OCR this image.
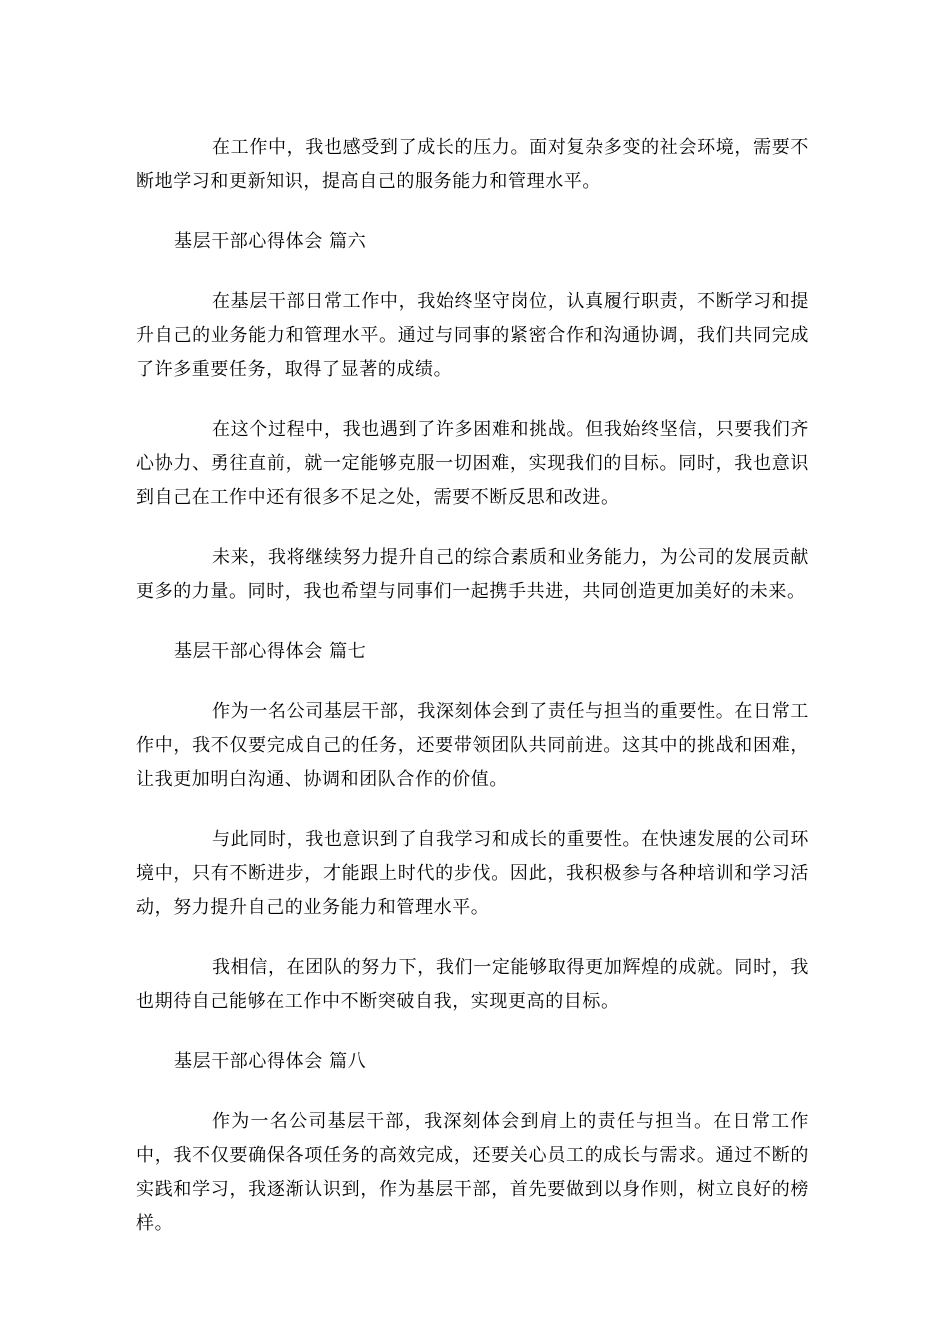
在工作中，我也感受到了成长的压力。面对复杂多变的社会环境，需要不断地学习和更新知识，提高自己的服务能力和管理水平。

基层干部心得体会 篇六

在基层干部日常工作中，我始终坚守岗位，认真履行职责，不断学习和提升自己的业务能力和管理水平。通过与同事的紧密合作和沟通协调，我们共同完成了许多重要任务，取得了显著的成绩。

在这个过程中，我也遇到了许多困难和挑战。但我始终坚信，只要我们齐心协力、勇往直前，就一定能够克服一切困难，实现我们的目标。同时，我也意识到自己在工作中还有很多不足之处，需要不断反思和改进。

未来，我将继续努力提升自己的综合素质和业务能力，为公司的发展贡献更多的力量。同时，我也希望与同事们一起携手共进，共同创造更加美好的未来。

基层干部心得体会 篇七

作为一名公司基层干部，我深刻体会到了责任与担当的重要性。在日常工作中，我不仅要完成自己的任务，还要带领团队共同前进。这其中的挑战和困难，让我更加明白沟通、协调和团队合作的价值。

与此同时，我也意识到了自我学习和成长的重要性。在快速发展的公司环境中，只有不断进步，才能跟上时代的步伐。因此，我积极参与各种培训和学习活动，努力提升自己的业务能力和管理水平。

我相信，在团队的努力下，我们一定能够取得更加辉煌的成就。同时，我也期待自己能够在工作中不断突破自我，实现更高的目标。

基层干部心得体会 篇八

作为一名公司基层干部，我深刻体会到肩上的责任与担当。在日常工作中，我不仅要确保各项任务的高效完成，还要关心员工的成长与需求。通过不断的实践和学习，我逐渐认识到，作为基层干部，首先要做到以身作则，树立良好的榜样。
